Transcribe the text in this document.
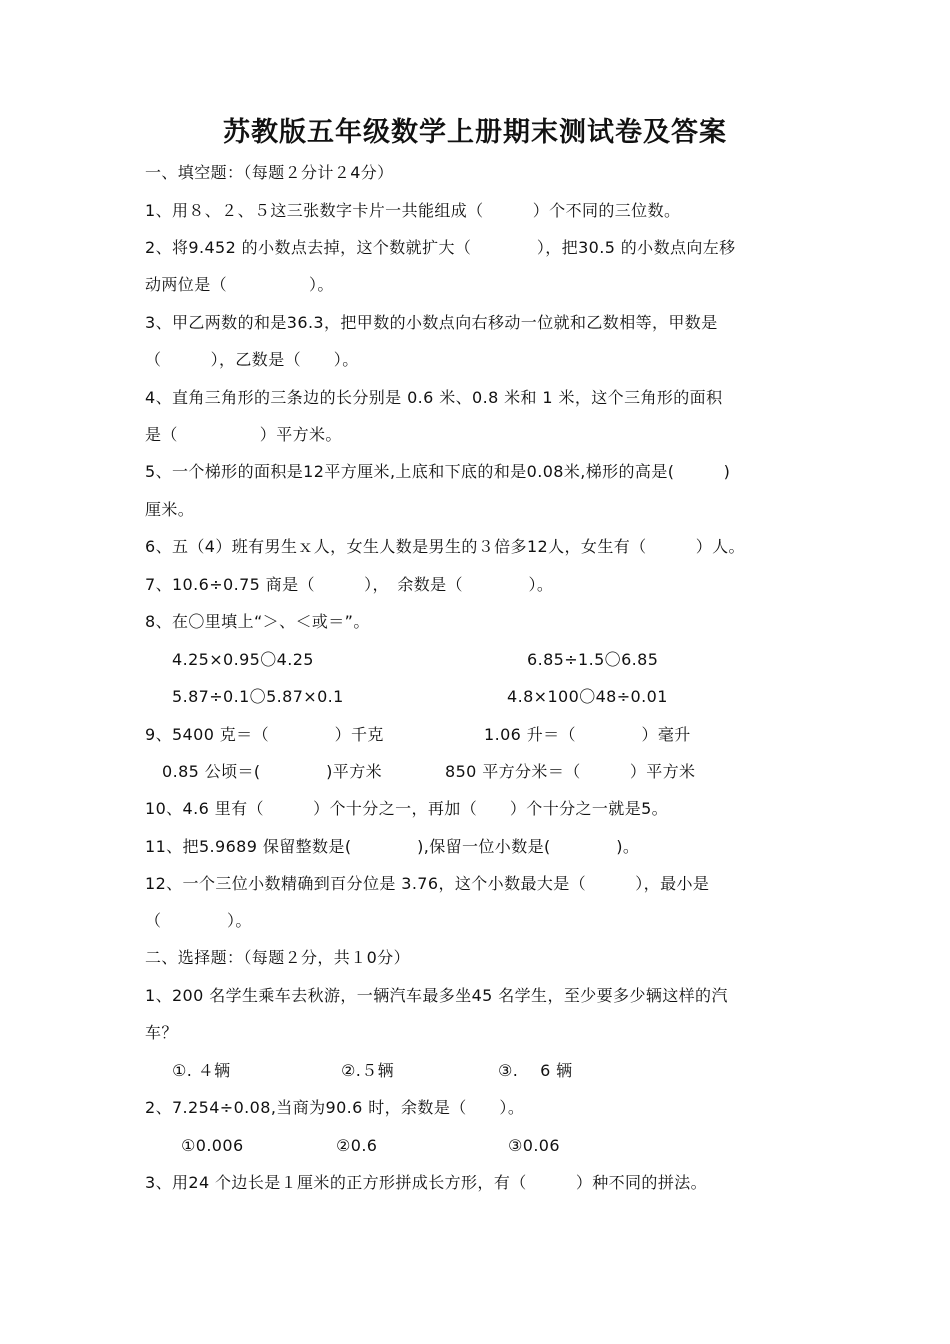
苏教版五年级数学上册期末测试卷及答案
一、填空题：（每题２分计２4分）
1、用８、２、５这三张数字卡片一共能组成（　　　）个不同的三位数。
2、将9.452 的小数点去掉，这个数就扩大（　　　　），把30.5 的小数点向左移
动两位是（　　　　　）。
3、甲乙两数的和是36.3，把甲数的小数点向右移动一位就和乙数相等，甲数是
（　　　），乙数是（　　）。
4、直角三角形的三条边的长分别是 0.6 米、0.8 米和 1 米，这个三角形的面积
是（　　　　　）平方米。
5、一个梯形的面积是12平方厘米,上底和下底的和是0.08米,梯形的高是(　　　)
厘米。
6、五（4）班有男生ｘ人，女生人数是男生的３倍多12人，女生有（　　　）人。
7、10.6÷0.75 商是（　　　），　余数是（　　　　）。
8、在〇里填上“＞、＜或＝”。
4.25×0.95〇4.25	6.85÷1.5〇6.85
5.87÷0.1〇5.87×0.1	4.8×100〇48÷0.01
9、5400 克＝（　　　　）千克	1.06 升＝（　　　　）毫升
0.85 公顷＝(　　　　)平方米	850 平方分米＝（　　　）平方米
10、4.6 里有（　　　）个十分之一，再加（　　）个十分之一就是5。
11、把5.9689 保留整数是(　　　　),保留一位小数是(　　　　)。
12、一个三位小数精确到百分位是 3.76，这个小数最大是（　　　），最小是
（　　　　）。
二、选择题：（每题２分，共１0分）
1、200 名学生乘车去秋游，一辆汽车最多坐45 名学生，至少要多少辆这样的汽
车？
①. ４辆	②.５辆	③.　 6 辆
2、7.254÷0.08,当商为90.6 时，余数是（　　）。
①0.006	②0.6	③0.06
3、用24 个边长是１厘米的正方形拼成长方形，有（　　　）种不同的拼法。
